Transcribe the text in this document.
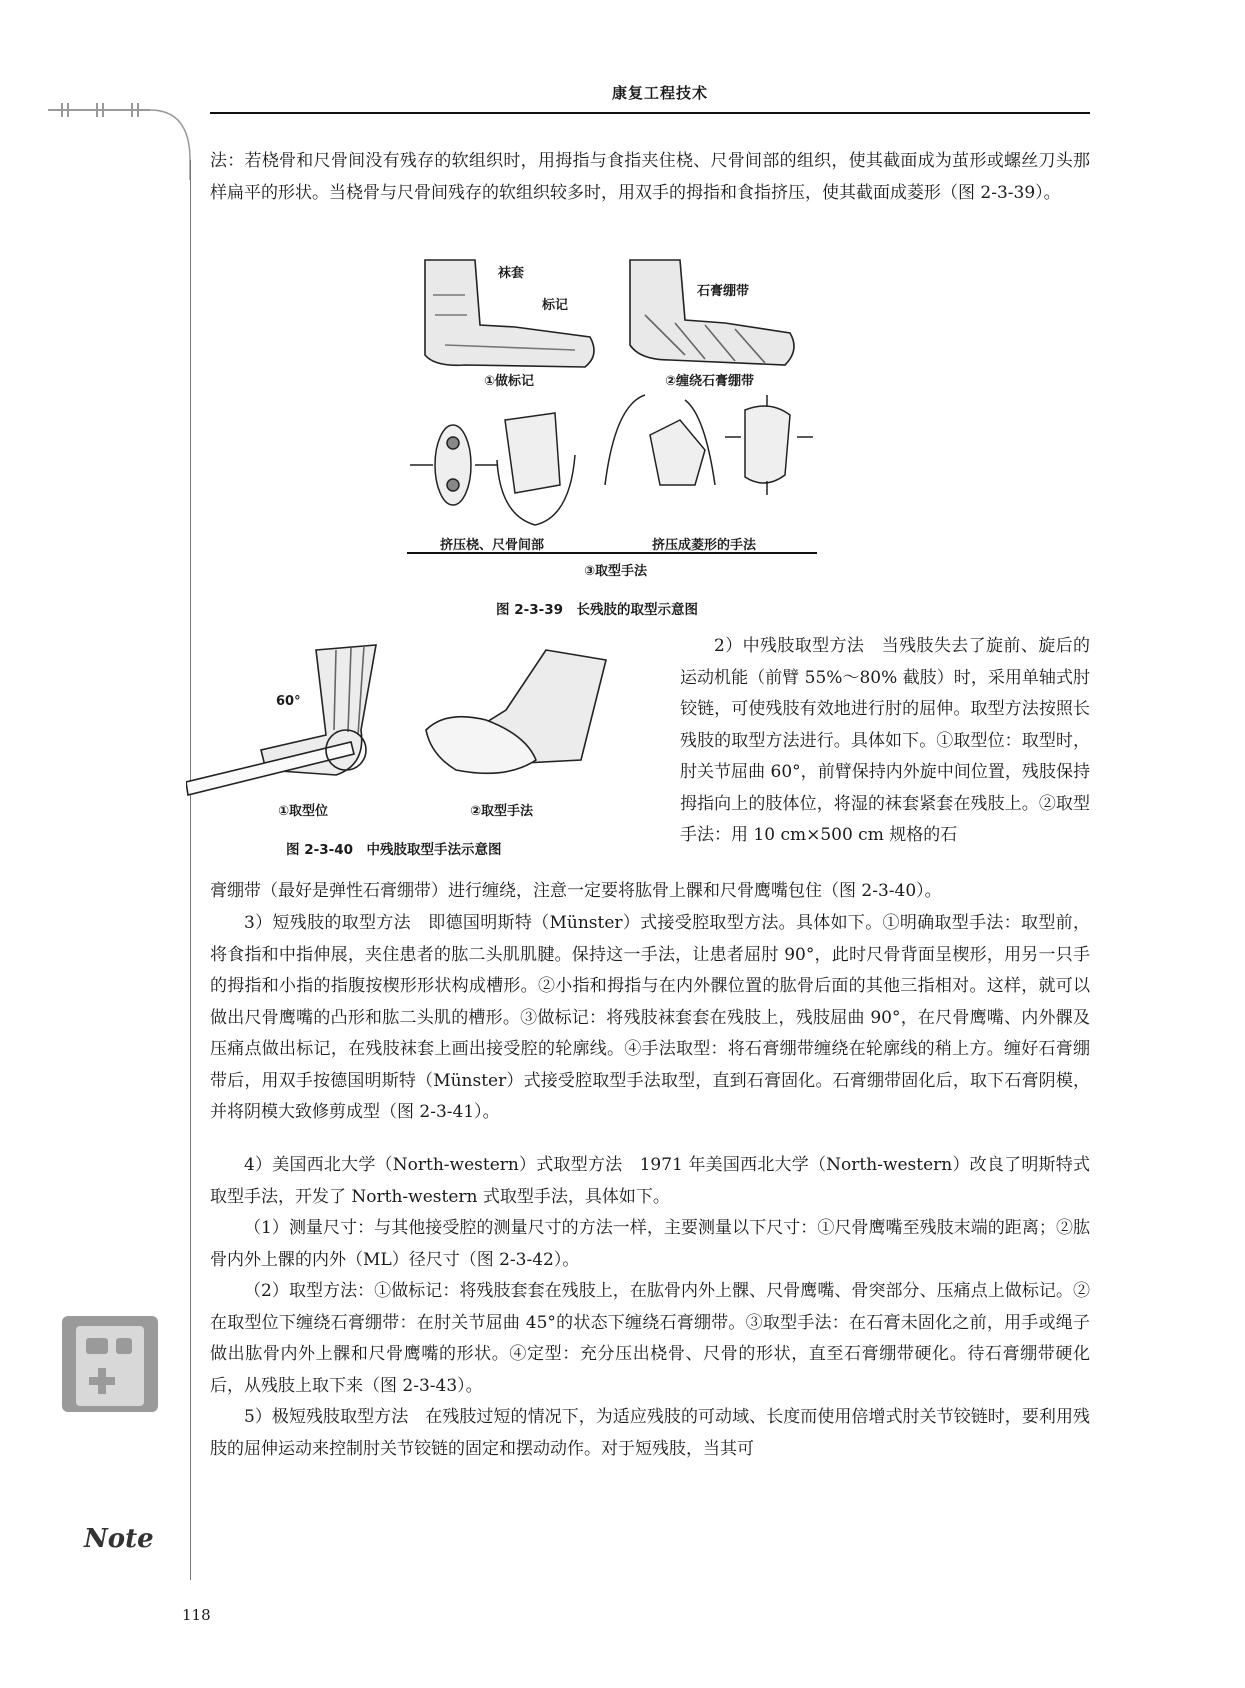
康复工程技术

法：若桡骨和尺骨间没有残存的软组织时，用拇指与食指夹住桡、尺骨间部的组织，使其截面成为茧形或螺丝刀头那样扁平的形状。当桡骨与尺骨间残存的软组织较多时，用双手的拇指和食指挤压，使其截面成菱形（图 2-3-39）。

袜套
标记
石膏绷带
①做标记	②缠绕石膏绷带
挤压桡、尺骨间部	挤压成菱形的手法
③取型手法
图 2-3-39　长残肢的取型示意图
60°
①取型位	②取型手法
图 2-3-40　中残肢取型手法示意图

2）中残肢取型方法　当残肢失去了旋前、旋后的运动机能（前臂 55%～80% 截肢）时，采用单轴式肘铰链，可使残肢有效地进行肘的屈伸。取型方法按照长残肢的取型方法进行。具体如下。①取型位：取型时，肘关节屈曲 60°，前臂保持内外旋中间位置，残肢保持拇指向上的肢体位，将湿的袜套紧套在残肢上。②取型手法：用 10 cm×500 cm 规格的石

膏绷带（最好是弹性石膏绷带）进行缠绕，注意一定要将肱骨上髁和尺骨鹰嘴包住（图 2-3-40）。

3）短残肢的取型方法　即德国明斯特（Münster）式接受腔取型方法。具体如下。①明确取型手法：取型前，将食指和中指伸展，夹住患者的肱二头肌肌腱。保持这一手法，让患者屈肘 90°，此时尺骨背面呈楔形，用另一只手的拇指和小指的指腹按楔形形状构成槽形。②小指和拇指与在内外髁位置的肱骨后面的其他三指相对。这样，就可以做出尺骨鹰嘴的凸形和肱二头肌的槽形。③做标记：将残肢袜套套在残肢上，残肢屈曲 90°，在尺骨鹰嘴、内外髁及压痛点做出标记，在残肢袜套上画出接受腔的轮廓线。④手法取型：将石膏绷带缠绕在轮廓线的稍上方。缠好石膏绷带后，用双手按德国明斯特（Münster）式接受腔取型手法取型，直到石膏固化。石膏绷带固化后，取下石膏阴模，并将阴模大致修剪成型（图 2-3-41）。

4）美国西北大学（North-western）式取型方法　1971 年美国西北大学（North-western）改良了明斯特式取型手法，开发了 North-western 式取型手法，具体如下。

（1）测量尺寸：与其他接受腔的测量尺寸的方法一样，主要测量以下尺寸：①尺骨鹰嘴至残肢末端的距离；②肱骨内外上髁的内外（ML）径尺寸（图 2-3-42）。

（2）取型方法：①做标记：将残肢套套在残肢上，在肱骨内外上髁、尺骨鹰嘴、骨突部分、压痛点上做标记。②在取型位下缠绕石膏绷带：在肘关节屈曲 45°的状态下缠绕石膏绷带。③取型手法：在石膏未固化之前，用手或绳子做出肱骨内外上髁和尺骨鹰嘴的形状。④定型：充分压出桡骨、尺骨的形状，直至石膏绷带硬化。待石膏绷带硬化后，从残肢上取下来（图 2-3-43）。

5）极短残肢取型方法　在残肢过短的情况下，为适应残肢的可动域、长度而使用倍增式肘关节铰链时，要利用残肢的屈伸运动来控制肘关节铰链的固定和摆动动作。对于短残肢，当其可

Note
118
